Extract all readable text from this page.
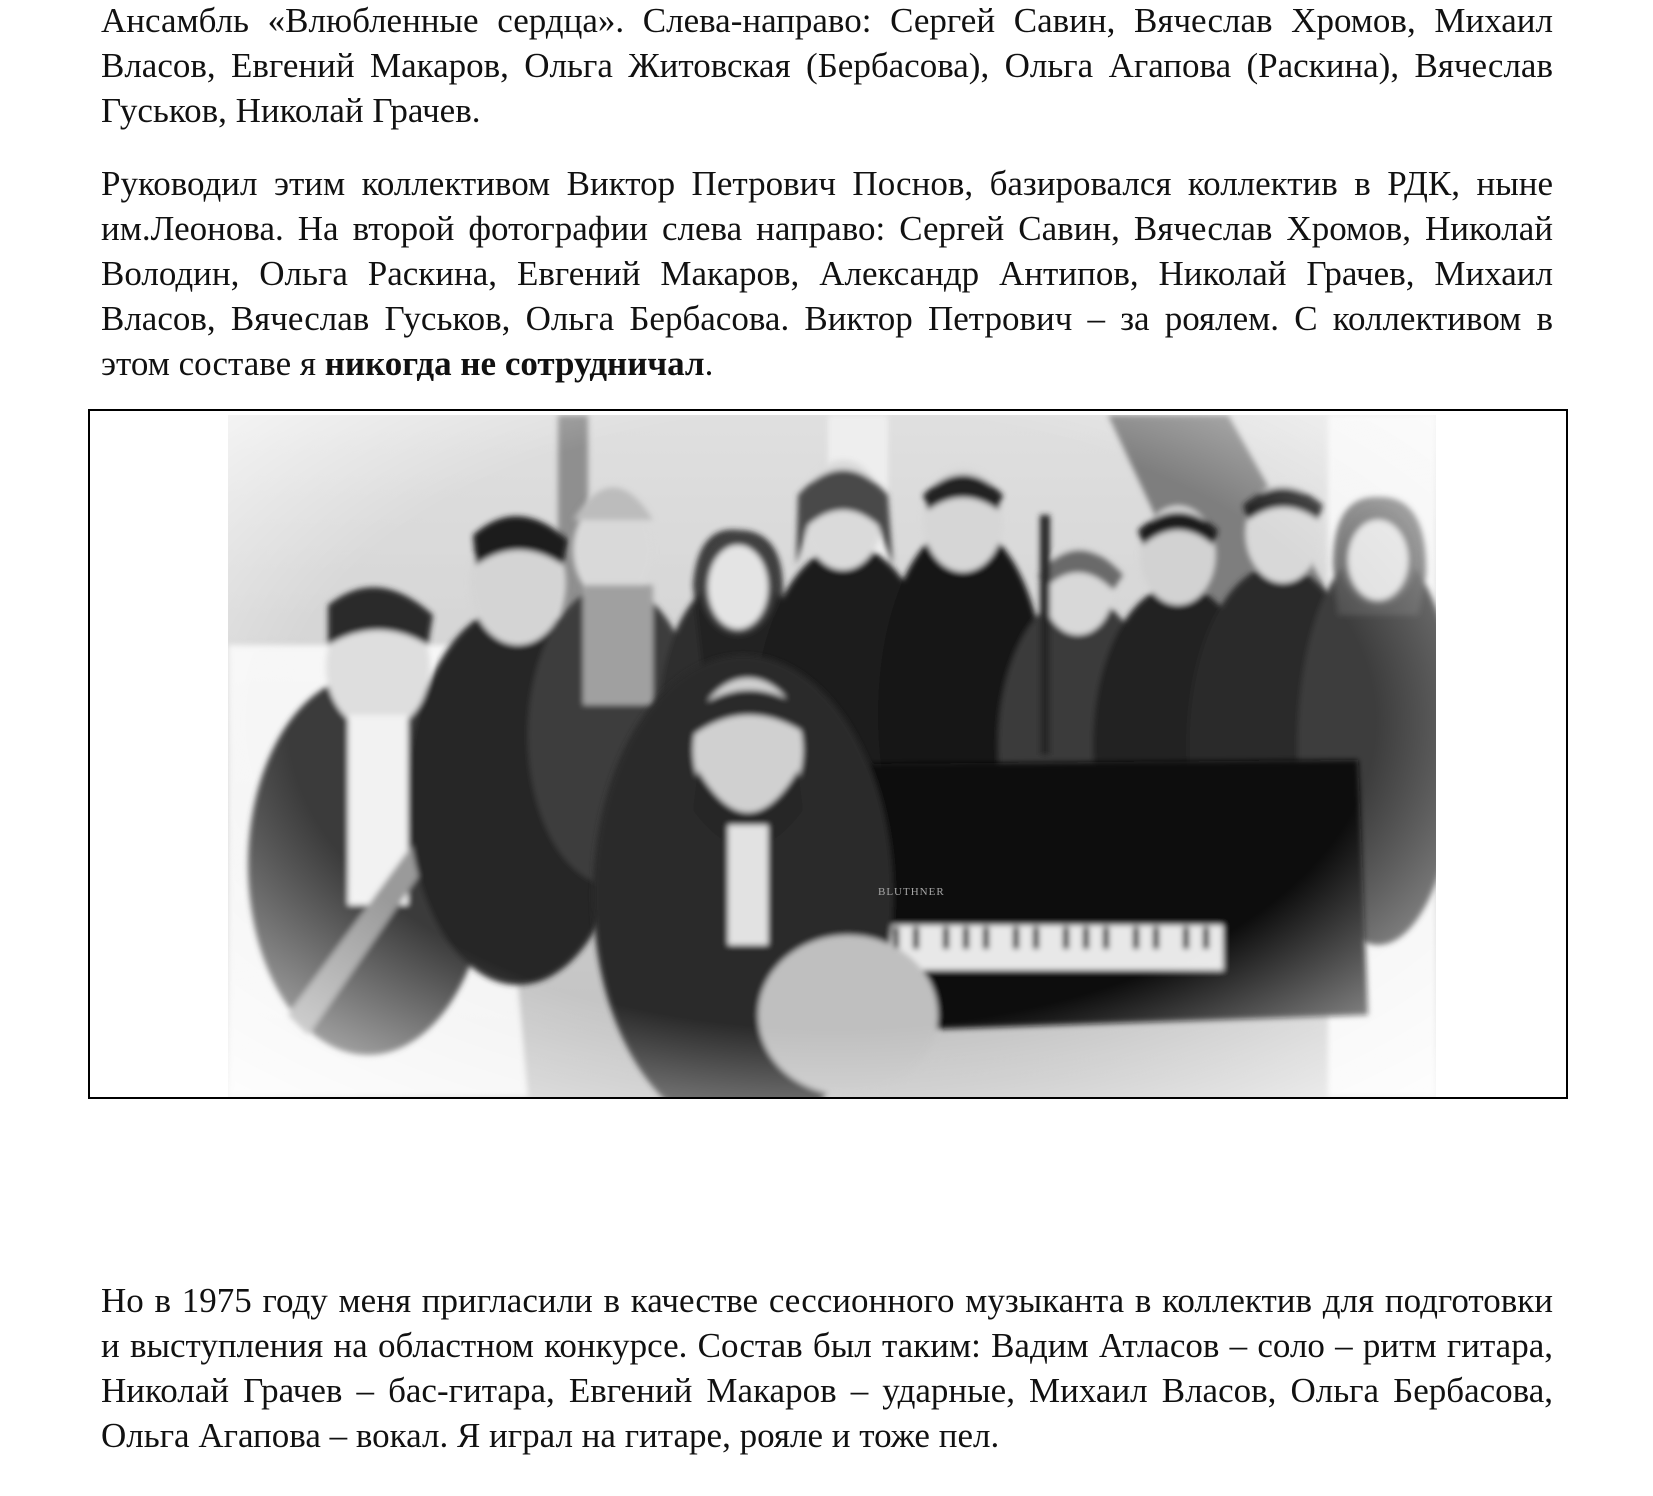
Ансамбль «Влюбленные сердца». Слева-направо: Сергей Савин, Вячеслав Хромов, Михаил Власов, Евгений Макаров, Ольга Житовская (Бербасова), Ольга Агапова (Раскина), Вячеслав Гуськов, Николай Грачев.

Руководил этим коллективом Виктор Петрович Поснов, базировался коллектив в РДК, ныне им.Леонова. На второй фотографии слева направо: Сергей Савин, Вячеслав Хромов, Николай Володин, Ольга Раскина, Евгений Макаров, Александр Антипов, Николай Грачев, Михаил Власов, Вячеслав Гуськов, Ольга Бербасова. Виктор Петрович – за роялем. С коллективом в этом составе я никогда не сотрудничал.

Но в 1975 году меня пригласили в качестве сессионного музыканта в коллектив для подготовки и выступления на областном конкурсе. Состав был таким: Вадим Атласов – соло – ритм гитара, Николай Грачев – бас-гитара, Евгений Макаров – ударные, Михаил Власов, Ольга Бербасова, Ольга Агапова – вокал. Я играл на гитаре, рояле и тоже пел.
